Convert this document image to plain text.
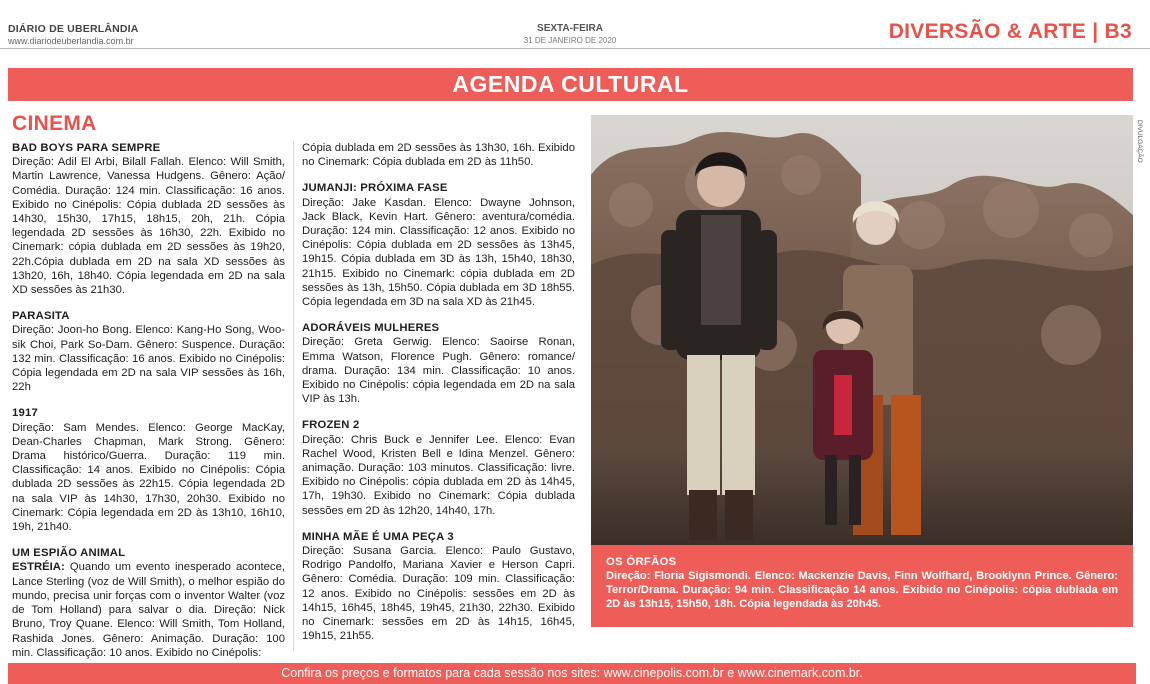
DIÁRIO DE UBERLÂNDIA
www.diariodeuberlandia.com.br
SEXTA-FEIRA
31 DE JANEIRO DE 2020	DIVERSÃO & ARTE | B3
AGENDA CULTURAL
CINEMA
BAD BOYS PARA SEMPRE
Direção: Adil El Arbi, Bilall Fallah. Elenco: Will Smith, Martin Lawrence, Vanessa Hudgens. Gênero: Ação/ Comédia. Duração: 124 min. Classificação: 16 anos. Exibido no Cinépolis: Cópia dublada 2D sessões às 14h30, 15h30, 17h15, 18h15, 20h, 21h. Cópia legendada 2D sessões às 16h30, 22h. Exibido no Cinemark: cópia dublada em 2D sessões às 19h20, 22h.Cópia dublada em 2D na sala XD sessões às 13h20, 16h, 18h40. Cópia legendada em 2D na sala XD sessões às 21h30.
PARASITA
Direção: Joon-ho Bong. Elenco: Kang-Ho Song, Woo-sik Choi, Park So-Dam. Gênero: Suspence. Duração: 132 min. Classificação: 16 anos. Exibido no Cinépolis: Cópia legendada em 2D na sala VIP sessões às 16h, 22h
1917
Direção: Sam Mendes. Elenco: George MacKay, Dean-Charles Chapman, Mark Strong. Gênero: Drama histórico/Guerra. Duração: 119 min. Classificação: 14 anos. Exibido no Cinépolis: Cópia dublada 2D sessões às 22h15. Cópia legendada 2D na sala VIP às 14h30, 17h30, 20h30. Exibido no Cinemark: Cópia legendada em 2D às 13h10, 16h10, 19h, 21h40.
UM ESPIÃO ANIMAL
ESTRÉIA: Quando um evento inesperado acontece, Lance Sterling (voz de Will Smith), o melhor espião do mundo, precisa unir forças com o inventor Walter (voz de Tom Holland) para salvar o dia. Direção: Nick Bruno, Troy Quane. Elenco: Will Smith, Tom Holland, Rashida Jones. Gênero: Animação. Duração: 100 min. Classificação: 10 anos. Exibido no Cinépolis:
Cópia dublada em 2D sessões às 13h30, 16h. Exibido no Cinemark: Cópia dublada em 2D às 11h50.
JUMANJI: PRÓXIMA FASE
Direção: Jake Kasdan. Elenco: Dwayne Johnson, Jack Black, Kevin Hart. Gênero: aventura/comédia. Duração: 124 min. Classificação: 12 anos. Exibido no Cinépolis: Cópia dublada em 2D sessões às 13h45, 19h15. Cópia dublada em 3D às 13h, 15h40, 18h30, 21h15. Exibido no Cinemark: cópia dublada em 2D sessões às 13h, 15h50. Cópia dublada em 3D 18h55. Cópia legendada em 3D na sala XD às 21h45.
ADORÁVEIS MULHERES
Direção: Greta Gerwig. Elenco: Saoirse Ronan, Emma Watson, Florence Pugh. Gênero: romance/ drama. Duração: 134 min. Classificação: 10 anos. Exibido no Cinépolis: cópia legendada em 2D na sala VIP às 13h.
FROZEN 2
Direção: Chris Buck e Jennifer Lee. Elenco: Evan Rachel Wood, Kristen Bell e Idina Menzel. Gênero: animação. Duração: 103 minutos. Classificação: livre. Exibido no Cinépolis: cópia dublada em 2D às 14h45, 17h, 19h30. Exibido no Cinemark: Cópia dublada sessões em 2D às 12h20, 14h40, 17h.
MINHA MÃE É UMA PEÇA 3
Direção: Susana Garcia. Elenco: Paulo Gustavo, Rodrigo Pandolfo, Mariana Xavier e Herson Capri. Gênero: Comédia. Duração: 109 min. Classificação: 12 anos. Exibido no Cinépolis: sessões em 2D às 14h15, 16h45, 18h45, 19h45, 21h30, 22h30. Exibido no Cinemark: sessões em 2D às 14h15, 16h45, 19h15, 21h55.
DIVULGAÇÃO
OS ÓRFÃOS
Direção: Floria Sigismondi. Elenco: Mackenzie Davis, Finn Wolfhard, Brooklynn Prince. Gênero: Terror/Drama. Duração: 94 min. Classificação 14 anos. Exibido no Cinépolis: cópia dublada em 2D às 13h15, 15h50, 18h. Cópia legendada às 20h45.
Confira os preços e formatos para cada sessão nos sites: www.cinepolis.com.br e www.cinemark.com.br.
